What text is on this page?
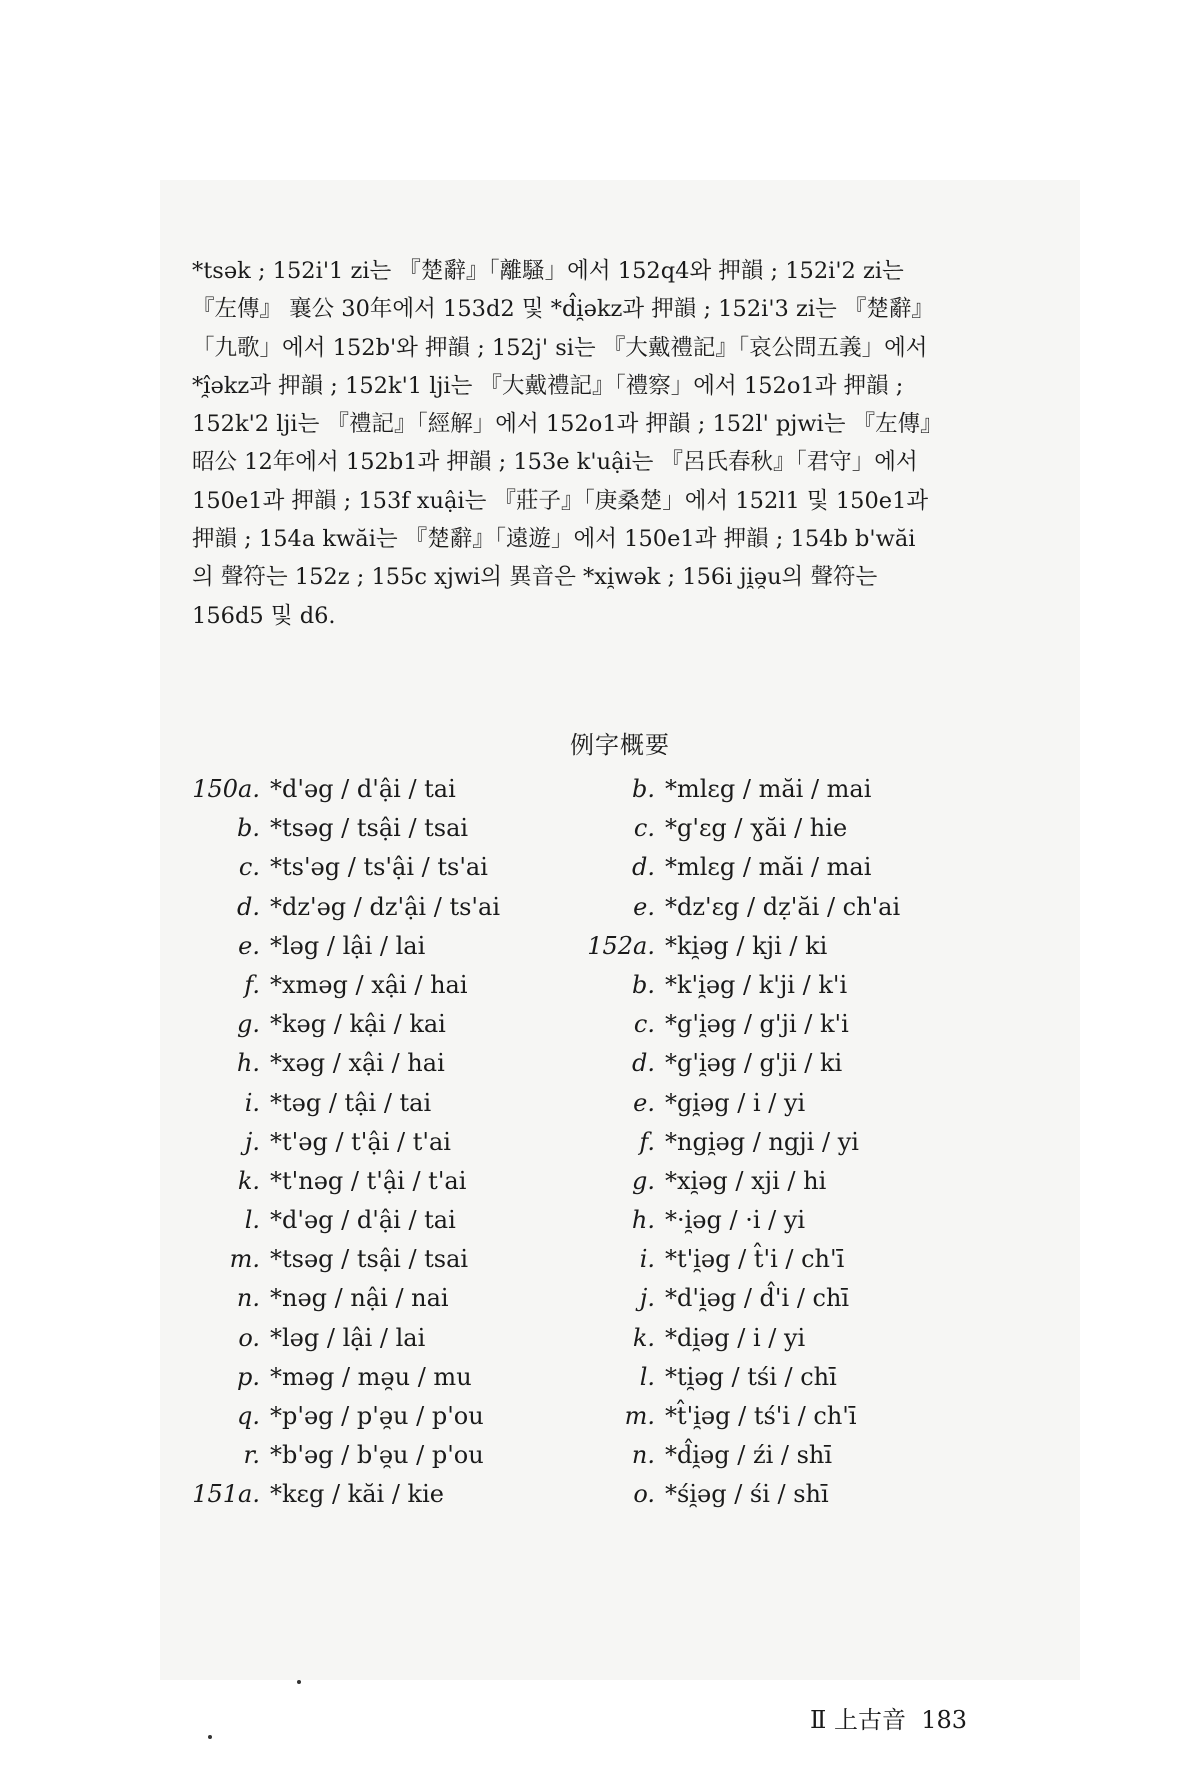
*tsək ; 152i'1 zi는 『楚辭』「離騷」에서 152q4와 押韻 ; 152i'2 zi는

『左傳』 襄公 30年에서 153d2 및 *d̂i̯əkz과 押韻 ; 152i'3 zi는 『楚辭』

「九歌」에서 152b'와 押韻 ; 152j' si는 『大戴禮記』「哀公問五義」에서

*î̯əkz과 押韻 ; 152k'1 lji는 『大戴禮記』「禮察」에서 152o1과 押韻 ;

152k'2 lji는 『禮記』「經解」에서 152o1과 押韻 ; 152l' pjwi는 『左傳』

昭公 12年에서 152b1과 押韻 ; 153e k'uậi는 『呂氏春秋』「君守」에서

150e1과 押韻 ; 153f xuậi는 『莊子』「庚桑楚」에서 152l1 및 150e1과

押韻 ; 154a kwăi는 『楚辭』「遠遊」에서 150e1과 押韻 ; 154b b'wăi

의 聲符는 152z ; 155c xjwi의 異音은 *xi̯wək ; 156i ji̯ə̯u의 聲符는

156d5 및 d6.

例字概要
150a. *d'əg / d'ậi / tai
b. *tsəg / tsậi / tsai
c. *ts'əg / ts'ậi / ts'ai
d. *dz'əg / dz'ậi / ts'ai
e. *ləg / lậi / lai
f. *xməg / xậi / hai
g. *kəg / kậi / kai
h. *xəg / xậi / hai
i. *təg / tậi / tai
j. *t'əg / t'ậi / t'ai
k. *t'nəg / t'ậi / t'ai
l. *d'əg / d'ậi / tai
m. *tsəg / tsậi / tsai
n. *nəg / nậi / nai
o. *ləg / lậi / lai
p. *məg / mə̯u / mu
q. *p'əg / p'ə̯u / p'ou
r. *b'əg / b'ə̯u / p'ou
151a. *kɛg / kăi / kie
b. *mlɛg / măi / mai
c. *g'ɛg / ɣăi / hie
d. *mlɛg / măi / mai
e. *dz'ɛg / dẓ'ăi / ch'ai
152a. *ki̯əg / kji / ki
b. *k'i̯əg / k'ji / k'i
c. *g'i̯əg / g'ji / k'i
d. *g'i̯əg / g'ji / ki
e. *gi̯əg / i / yi
f. *ngi̯əg / ngji / yi
g. *xi̯əg / xji / hi
h. *·i̯əg / ·i / yi
i. *t'i̯əg / t̂'i / ch'ī
j. *d'i̯əg / d̂'i / chī
k. *di̯əg / i / yi
l. *ti̯əg / tśi / chī
m. *t̂'i̯əg / tś'i / ch'ī
n. *d̂i̯əg / źi / shī
o. *śi̯əg / śi / shī
Ⅱ 上古音 183
